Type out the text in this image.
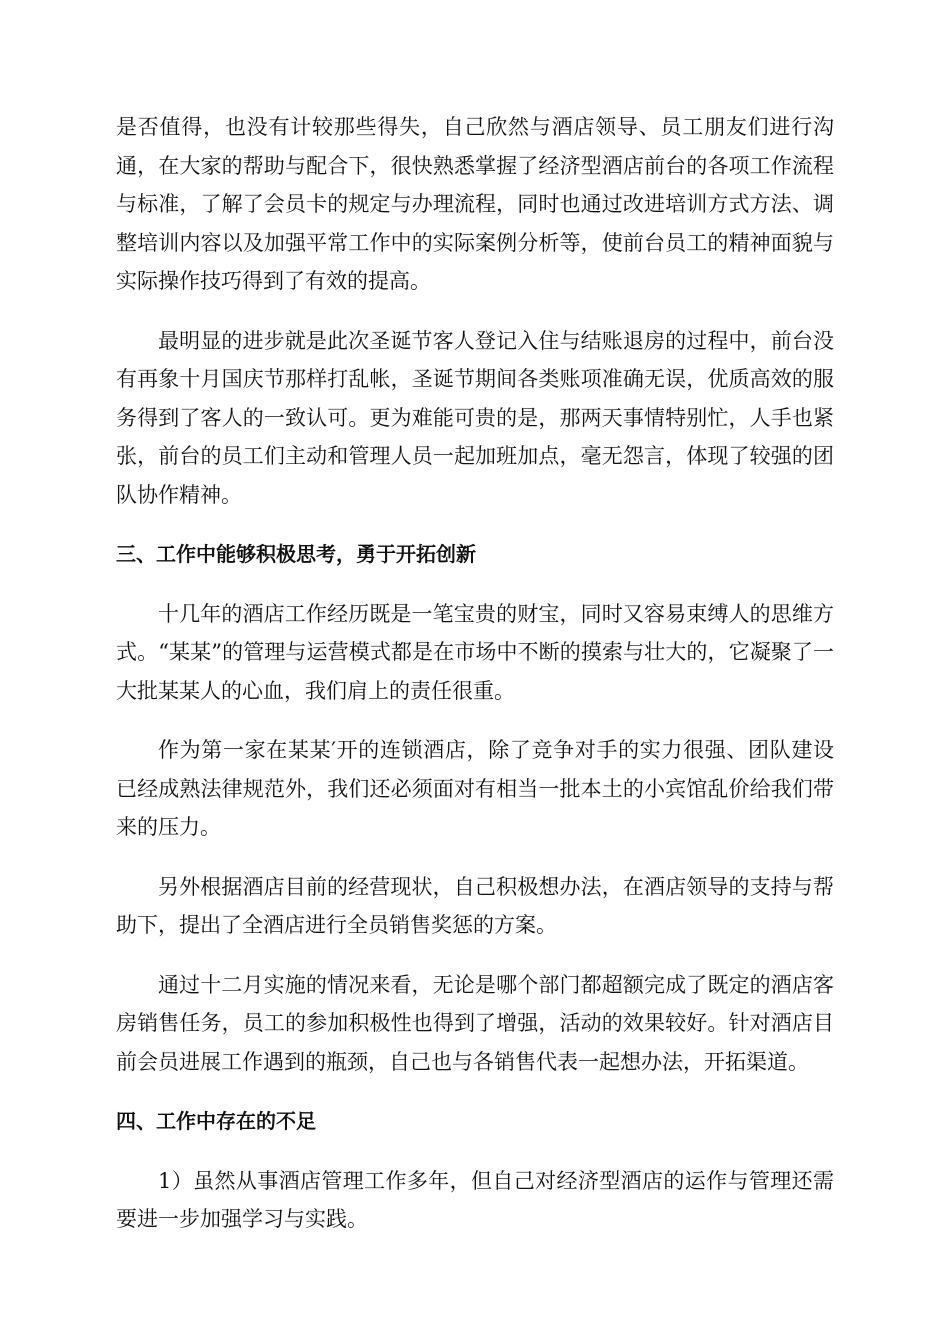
是否值得，也没有计较那些得失，自己欣然与酒店领导、员工朋友们进行沟通，在大家的帮助与配合下，很快熟悉掌握了经济型酒店前台的各项工作流程与标准，了解了会员卡的规定与办理流程，同时也通过改进培训方式方法、调整培训内容以及加强平常工作中的实际案例分析等，使前台员工的精神面貌与实际操作技巧得到了有效的提高。

最明显的进步就是此次圣诞节客人登记入住与结账退房的过程中，前台没有再象十月国庆节那样打乱帐，圣诞节期间各类账项准确无误，优质高效的服务得到了客人的一致认可。更为难能可贵的是，那两天事情特别忙，人手也紧张，前台的员工们主动和管理人员一起加班加点，毫无怨言，体现了较强的团队协作精神。

三、工作中能够积极思考，勇于开拓创新

十几年的酒店工作经历既是一笔宝贵的财宝，同时又容易束缚人的思维方式。“某某”的管理与运营模式都是在市场中不断的摸索与壮大的，它凝聚了一大批某某人的心血，我们肩上的责任很重。

作为第一家在某某′开的连锁酒店，除了竞争对手的实力很强、团队建设已经成熟法律规范外，我们还必须面对有相当一批本土的小宾馆乱价给我们带来的压力。

另外根据酒店目前的经营现状，自己积极想办法，在酒店领导的支持与帮助下，提出了全酒店进行全员销售奖惩的方案。

通过十二月实施的情况来看，无论是哪个部门都超额完成了既定的酒店客房销售任务，员工的参加积极性也得到了增强，活动的效果较好。针对酒店目前会员进展工作遇到的瓶颈，自己也与各销售代表一起想办法，开拓渠道。

四、工作中存在的不足

1）虽然从事酒店管理工作多年，但自己对经济型酒店的运作与管理还需要进一步加强学习与实践。
